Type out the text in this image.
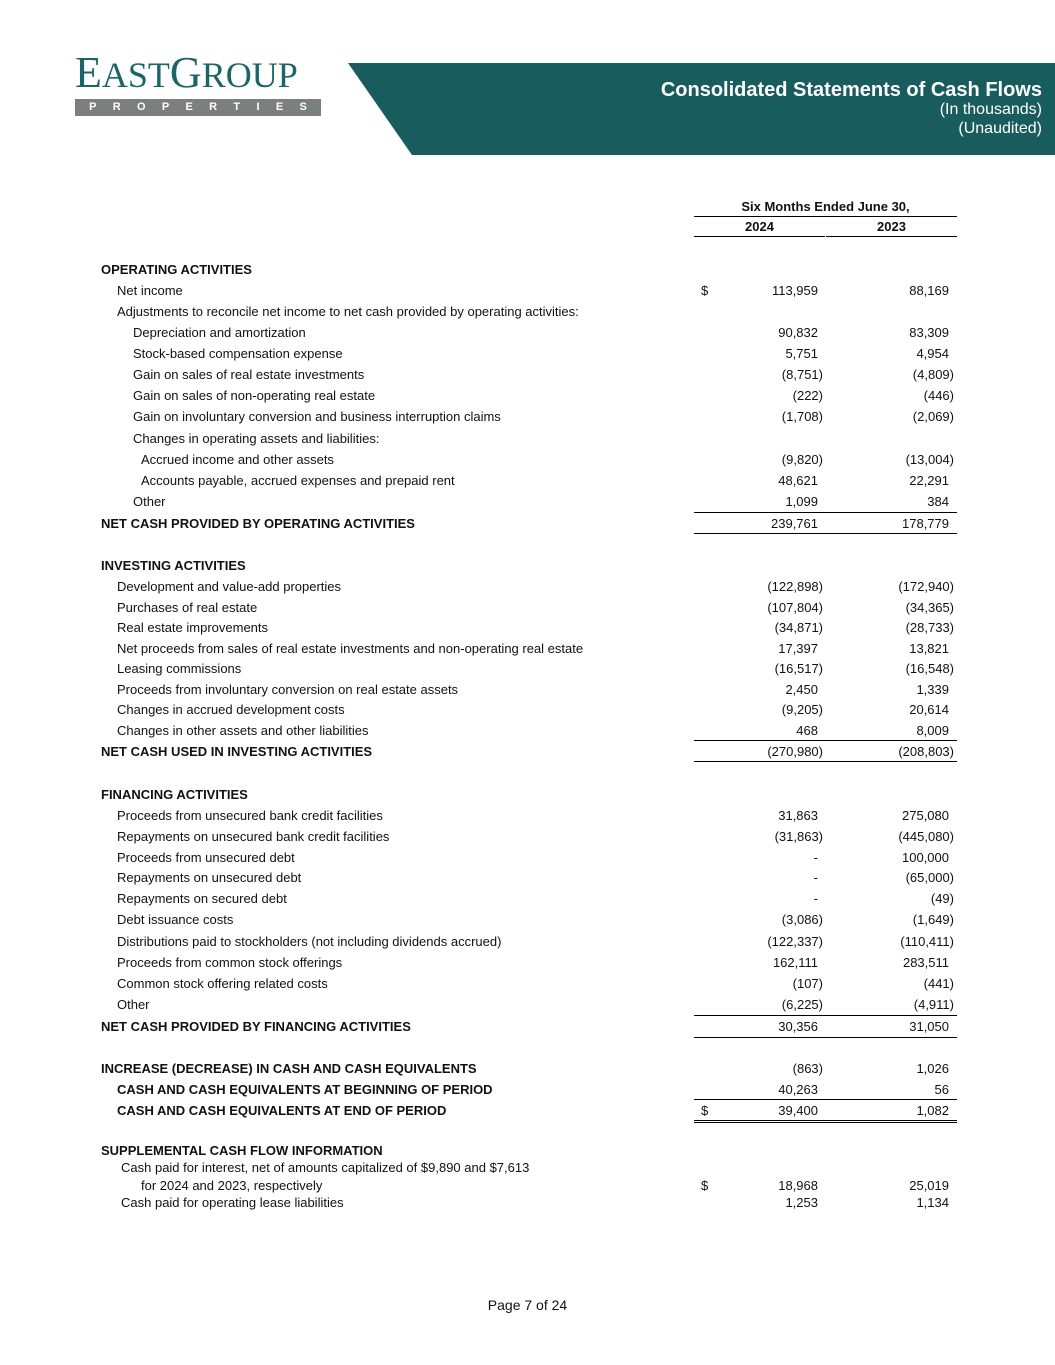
EASTGROUP
P R O P E R T I E S
Consolidated Statements of Cash Flows
(In thousands)
(Unaudited)
Six Months Ended June 30,
2024	2023
OPERATING ACTIVITIES
Net income	$	113,959	88,169
Adjustments to reconcile net income to net cash provided by operating activities:
Depreciation and amortization	90,832	83,309
Stock-based compensation expense	5,751	4,954
Gain on sales of real estate investments	(8,751)	(4,809)
Gain on sales of non-operating real estate	(222)	(446)
Gain on involuntary conversion and business interruption claims	(1,708)	(2,069)
Changes in operating assets and liabilities:
Accrued income and other assets	(9,820)	(13,004)
Accounts payable, accrued expenses and prepaid rent	48,621	22,291
Other	1,099	384
NET CASH PROVIDED BY OPERATING ACTIVITIES	239,761	178,779
INVESTING ACTIVITIES
Development and value-add properties	(122,898)	(172,940)
Purchases of real estate	(107,804)	(34,365)
Real estate improvements	(34,871)	(28,733)
Net proceeds from sales of real estate investments and non-operating real estate	17,397	13,821
Leasing commissions	(16,517)	(16,548)
Proceeds from involuntary conversion on real estate assets	2,450	1,339
Changes in accrued development costs	(9,205)	20,614
Changes in other assets and other liabilities	468	8,009
NET CASH USED IN INVESTING ACTIVITIES	(270,980)	(208,803)
FINANCING ACTIVITIES
Proceeds from unsecured bank credit facilities	31,863	275,080
Repayments on unsecured bank credit facilities	(31,863)	(445,080)
Proceeds from unsecured debt	-	100,000
Repayments on unsecured debt	-	(65,000)
Repayments on secured debt	-	(49)
Debt issuance costs	(3,086)	(1,649)
Distributions paid to stockholders (not including dividends accrued)	(122,337)	(110,411)
Proceeds from common stock offerings	162,111	283,511
Common stock offering related costs	(107)	(441)
Other	(6,225)	(4,911)
NET CASH PROVIDED BY FINANCING ACTIVITIES	30,356	31,050
INCREASE (DECREASE) IN CASH AND CASH EQUIVALENTS	(863)	1,026
CASH AND CASH EQUIVALENTS AT BEGINNING OF PERIOD	40,263	56
CASH AND CASH EQUIVALENTS AT END OF PERIOD	$	39,400	1,082
SUPPLEMENTAL CASH FLOW INFORMATION
Cash paid for interest, net of amounts capitalized of $9,890 and $7,613
for 2024 and 2023, respectively	$	18,968	25,019
Cash paid for operating lease liabilities	1,253	1,134
Page 7 of 24
